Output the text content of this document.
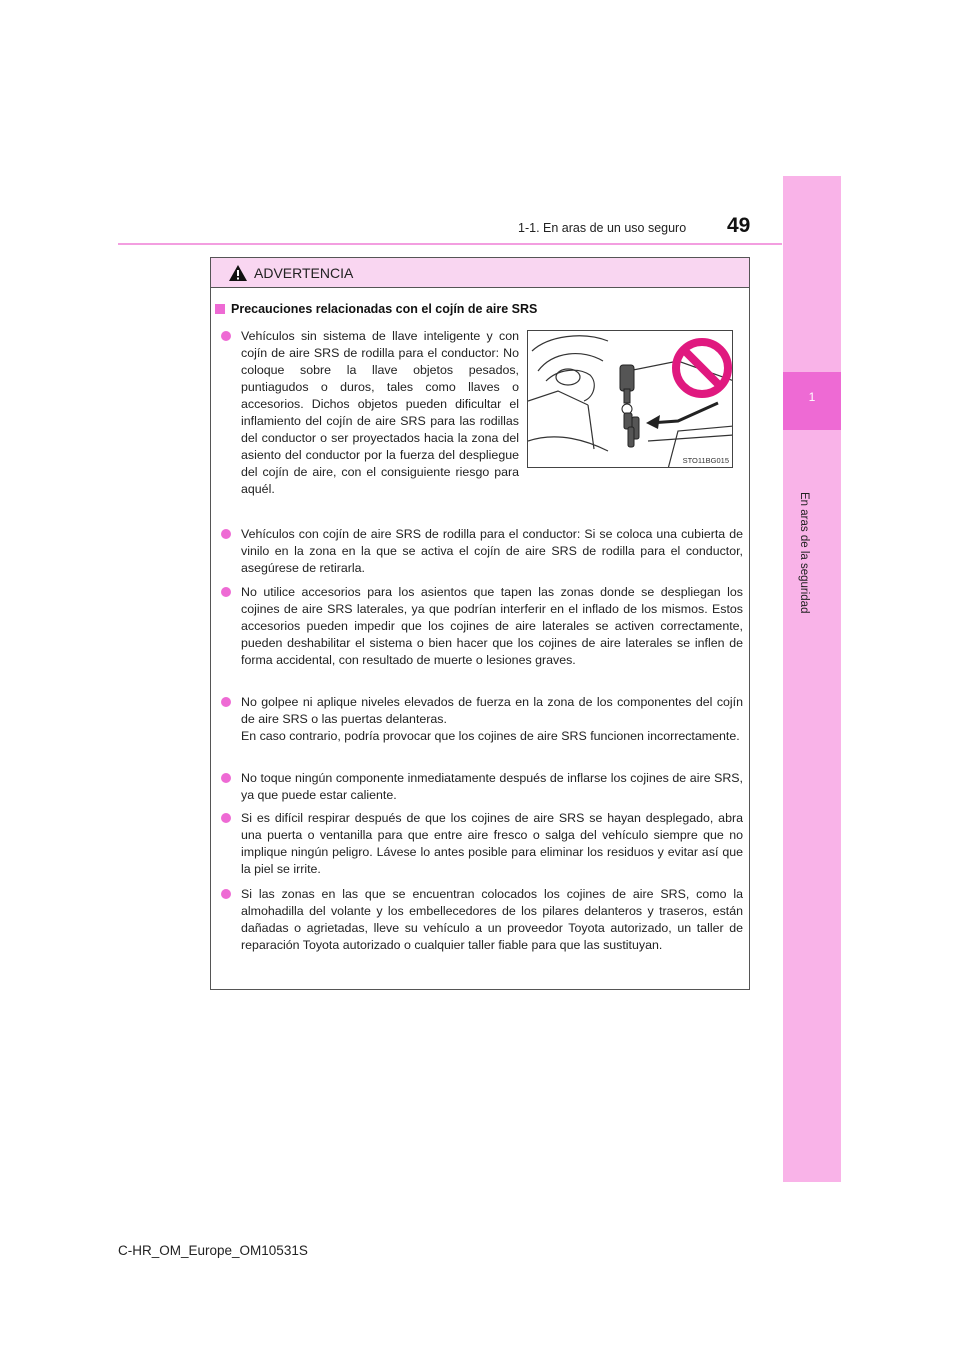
1
En aras de la seguridad
1-1. En aras de un uso seguro 49
ADVERTENCIA
Precauciones relacionadas con el cojín de aire SRS
Vehículos sin sistema de llave inteligente y con cojín de aire SRS de rodilla para el conductor: No coloque sobre la llave objetos pesados, puntiagudos o duros, tales como llaves o accesorios. Dichos objetos pueden dificultar el inflamiento del cojín de aire SRS para las rodillas del conductor o ser proyectados hacia la zona del asiento del conductor por la fuerza del despliegue del cojín de aire, con el consiguiente riesgo para aquél.
STO11BG015
Vehículos con cojín de aire SRS de rodilla para el conductor: Si se coloca una cubierta de vinilo en la zona en la que se activa el cojín de aire SRS de rodilla para el conductor, asegúrese de retirarla.
No utilice accesorios para los asientos que tapen las zonas donde se despliegan los cojines de aire SRS laterales, ya que podrían interferir en el inflado de los mismos. Estos accesorios pueden impedir que los cojines de aire laterales se activen correctamente, pueden deshabilitar el sistema o bien hacer que los cojines de aire laterales se inflen de forma accidental, con resultado de muerte o lesiones graves.
No golpee ni aplique niveles elevados de fuerza en la zona de los componentes del cojín de aire SRS o las puertas delanteras.
En caso contrario, podría provocar que los cojines de aire SRS funcionen incorrectamente.
No toque ningún componente inmediatamente después de inflarse los cojines de aire SRS, ya que puede estar caliente.
Si es difícil respirar después de que los cojines de aire SRS se hayan desplegado, abra una puerta o ventanilla para que entre aire fresco o salga del vehículo siempre que no implique ningún peligro. Lávese lo antes posible para eliminar los residuos y evitar así que la piel se irrite.
Si las zonas en las que se encuentran colocados los cojines de aire SRS, como la almohadilla del volante y los embellecedores de los pilares delanteros y traseros, están dañadas o agrietadas, lleve su vehículo a un proveedor Toyota autorizado, un taller de reparación Toyota autorizado o cualquier taller fiable para que las sustituyan.
C-HR_OM_Europe_OM10531S
